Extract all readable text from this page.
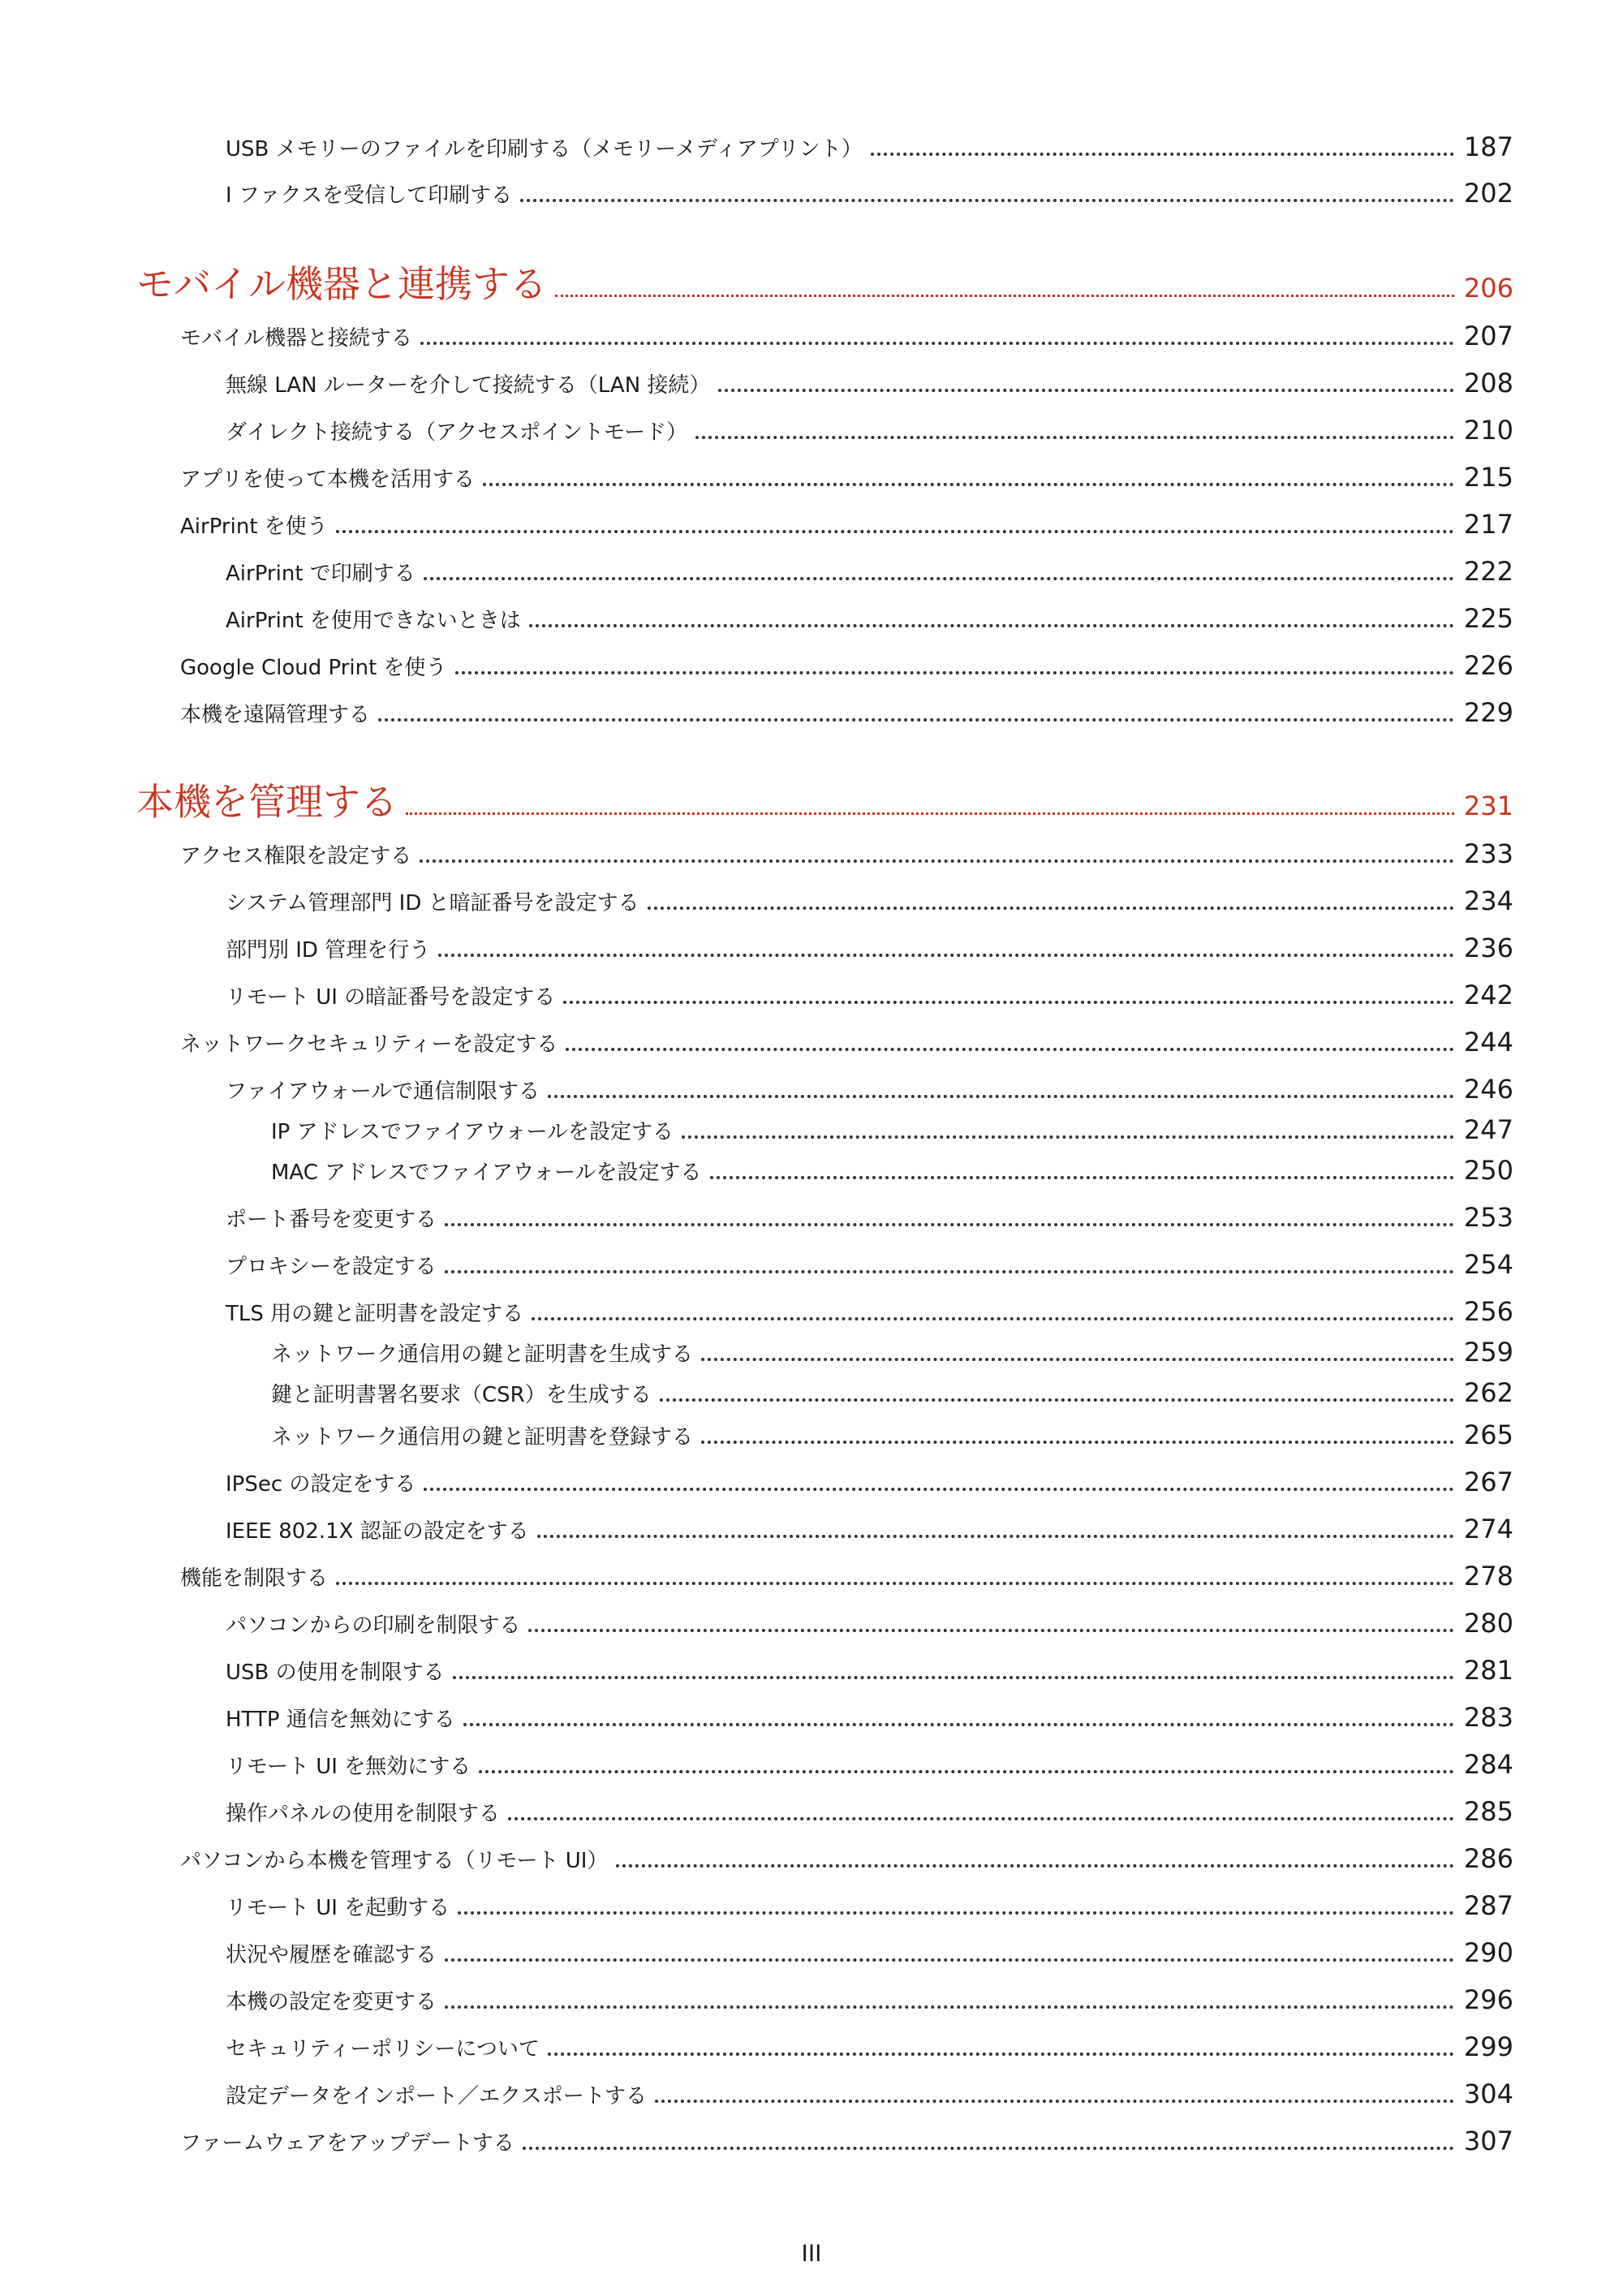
USB メモリーのファイルを印刷する（メモリーメディアプリント）	187
I ファクスを受信して印刷する	202
モバイル機器と連携する	206
モバイル機器と接続する	207
無線 LAN ルーターを介して接続する（LAN 接続）	208
ダイレクト接続する（アクセスポイントモード）	210
アプリを使って本機を活用する	215
AirPrint を使う	217
AirPrint で印刷する	222
AirPrint を使用できないときは	225
Google Cloud Print を使う	226
本機を遠隔管理する	229
本機を管理する	231
アクセス権限を設定する	233
システム管理部門 ID と暗証番号を設定する	234
部門別 ID 管理を行う	236
リモート UI の暗証番号を設定する	242
ネットワークセキュリティーを設定する	244
ファイアウォールで通信制限する	246
IP アドレスでファイアウォールを設定する	247
MAC アドレスでファイアウォールを設定する	250
ポート番号を変更する	253
プロキシーを設定する	254
TLS 用の鍵と証明書を設定する	256
ネットワーク通信用の鍵と証明書を生成する	259
鍵と証明書署名要求（CSR）を生成する	262
ネットワーク通信用の鍵と証明書を登録する	265
IPSec の設定をする	267
IEEE 802.1X 認証の設定をする	274
機能を制限する	278
パソコンからの印刷を制限する	280
USB の使用を制限する	281
HTTP 通信を無効にする	283
リモート UI を無効にする	284
操作パネルの使用を制限する	285
パソコンから本機を管理する（リモート UI）	286
リモート UI を起動する	287
状況や履歴を確認する	290
本機の設定を変更する	296
セキュリティーポリシーについて	299
設定データをインポート／エクスポートする	304
ファームウェアをアップデートする	307
III
